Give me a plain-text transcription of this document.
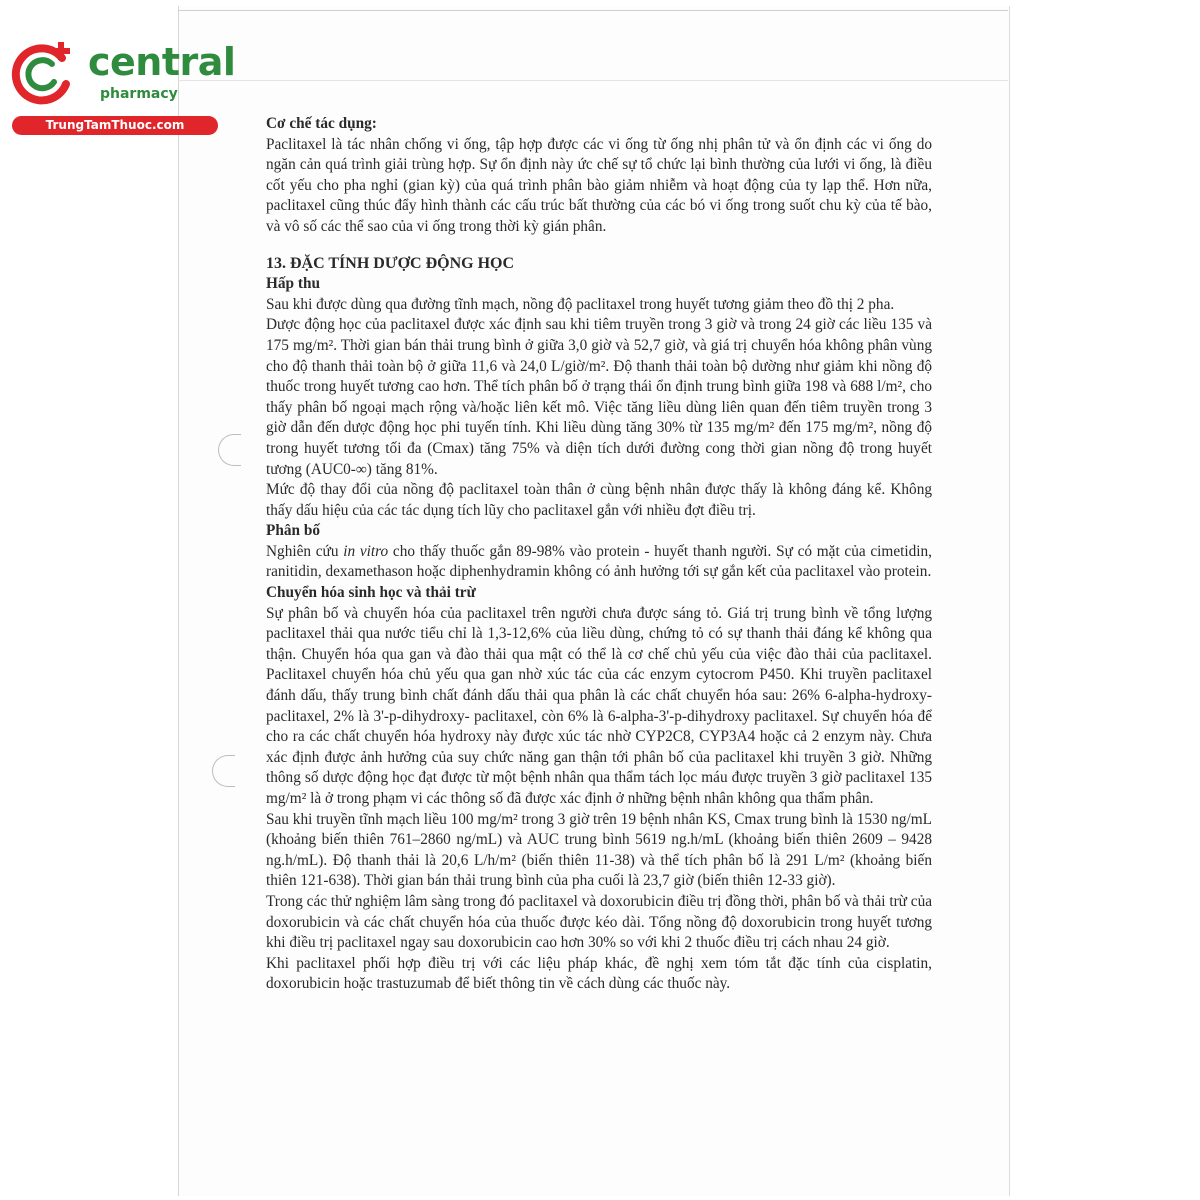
central
pharmacy
TrungTamThuoc.com	Cơ chế tác dụng:

Paclitaxel là tác nhân chống vi ống, tập hợp được các vi ống từ ống nhị phân tử và ổn định các vi ống do ngăn cản quá trình giải trùng hợp. Sự ổn định này ức chế sự tổ chức lại bình thường của lưới vi ống, là điều cốt yếu cho pha nghỉ (gian kỳ) của quá trình phân bào giảm nhiễm và hoạt động của ty lạp thể. Hơn nữa, paclitaxel cũng thúc đẩy hình thành các cấu trúc bất thường của các bó vi ống trong suốt chu kỳ của tế bào, và vô số các thể sao của vi ống trong thời kỳ gián phân.

13. ĐẶC TÍNH DƯỢC ĐỘNG HỌC
Hấp thu

Sau khi được dùng qua đường tĩnh mạch, nồng độ paclitaxel trong huyết tương giảm theo đồ thị 2 pha.

Dược động học của paclitaxel được xác định sau khi tiêm truyền trong 3 giờ và trong 24 giờ các liều 135 và 175 mg/m². Thời gian bán thải trung bình ở giữa 3,0 giờ và 52,7 giờ, và giá trị chuyển hóa không phân vùng cho độ thanh thải toàn bộ ở giữa 11,6 và 24,0 L/giờ/m². Độ thanh thải toàn bộ dường như giảm khi nồng độ thuốc trong huyết tương cao hơn. Thể tích phân bố ở trạng thái ổn định trung bình giữa 198 và 688 l/m², cho thấy phân bố ngoại mạch rộng và/hoặc liên kết mô. Việc tăng liều dùng liên quan đến tiêm truyền trong 3 giờ dẫn đến dược động học phi tuyến tính. Khi liều dùng tăng 30% từ 135 mg/m² đến 175 mg/m², nồng độ trong huyết tương tối đa (Cmax) tăng 75% và diện tích dưới đường cong thời gian nồng độ trong huyết tương (AUC0-∞) tăng 81%.

Mức độ thay đổi của nồng độ paclitaxel toàn thân ở cùng bệnh nhân được thấy là không đáng kể. Không thấy dấu hiệu của các tác dụng tích lũy cho paclitaxel gắn với nhiều đợt điều trị.

Phân bố

Nghiên cứu in vitro cho thấy thuốc gắn 89-98% vào protein - huyết thanh người. Sự có mặt của cimetidin, ranitidin, dexamethason hoặc diphenhydramin không có ảnh hưởng tới sự gắn kết của paclitaxel vào protein.

Chuyển hóa sinh học và thải trừ

Sự phân bố và chuyển hóa của paclitaxel trên người chưa được sáng tỏ. Giá trị trung bình về tổng lượng paclitaxel thải qua nước tiểu chỉ là 1,3-12,6% của liều dùng, chứng tỏ có sự thanh thải đáng kể không qua thận. Chuyển hóa qua gan và đào thải qua mật có thể là cơ chế chủ yếu của việc đào thải của paclitaxel. Paclitaxel chuyển hóa chủ yếu qua gan nhờ xúc tác của các enzym cytocrom P450. Khi truyền paclitaxel đánh dấu, thấy trung bình chất đánh dấu thải qua phân là các chất chuyển hóa sau: 26% 6-alpha-hydroxy-paclitaxel, 2% là 3'-p-dihydroxy- paclitaxel, còn 6% là 6-alpha-3'-p-dihydroxy paclitaxel. Sự chuyển hóa để cho ra các chất chuyển hóa hydroxy này được xúc tác nhờ CYP2C8, CYP3A4 hoặc cả 2 enzym này. Chưa xác định được ảnh hưởng của suy chức năng gan thận tới phân bố của paclitaxel khi truyền 3 giờ. Những thông số dược động học đạt được từ một bệnh nhân qua thẩm tách lọc máu được truyền 3 giờ paclitaxel 135 mg/m² là ở trong phạm vi các thông số đã được xác định ở những bệnh nhân không qua thẩm phân.

Sau khi truyền tĩnh mạch liều 100 mg/m² trong 3 giờ trên 19 bệnh nhân KS, Cmax trung bình là 1530 ng/mL (khoảng biến thiên 761–2860 ng/mL) và AUC trung bình 5619 ng.h/mL (khoảng biến thiên 2609 – 9428 ng.h/mL). Độ thanh thải là 20,6 L/h/m² (biến thiên 11-38) và thể tích phân bố là 291 L/m² (khoảng biến thiên 121-638). Thời gian bán thải trung bình của pha cuối là 23,7 giờ (biến thiên 12-33 giờ).

Trong các thử nghiệm lâm sàng trong đó paclitaxel và doxorubicin điều trị đồng thời, phân bố và thải trừ của doxorubicin và các chất chuyển hóa của thuốc được kéo dài. Tổng nồng độ doxorubicin trong huyết tương khi điều trị paclitaxel ngay sau doxorubicin cao hơn 30% so với khi 2 thuốc điều trị cách nhau 24 giờ.

Khi paclitaxel phối hợp điều trị với các liệu pháp khác, đề nghị xem tóm tắt đặc tính của cisplatin, doxorubicin hoặc trastuzumab để biết thông tin về cách dùng các thuốc này.
